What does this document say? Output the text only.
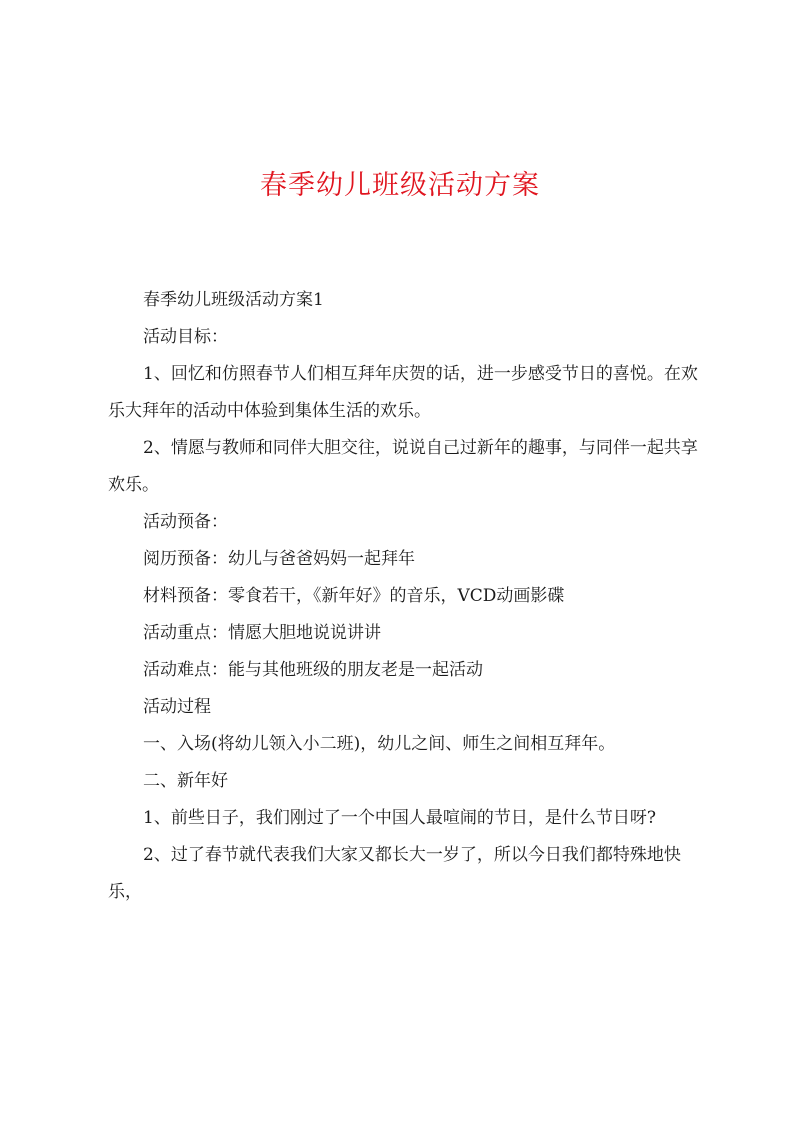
春季幼儿班级活动方案

春季幼儿班级活动方案1

活动目标：

1、回忆和仿照春节人们相互拜年庆贺的话，进一步感受节日的喜悦。在欢乐大拜年的活动中体验到集体生活的欢乐。

2、情愿与教师和同伴大胆交往，说说自己过新年的趣事，与同伴一起共享欢乐。

活动预备：

阅历预备：幼儿与爸爸妈妈一起拜年

材料预备：零食若干，《新年好》的音乐，VCD动画影碟

活动重点：情愿大胆地说说讲讲

活动难点：能与其他班级的朋友老是一起活动

活动过程

一、入场(将幼儿领入小二班)，幼儿之间、师生之间相互拜年。

二、新年好

1、前些日子，我们刚过了一个中国人最喧闹的节日，是什么节日呀?

2、过了春节就代表我们大家又都长大一岁了，所以今日我们都特殊地快乐，
